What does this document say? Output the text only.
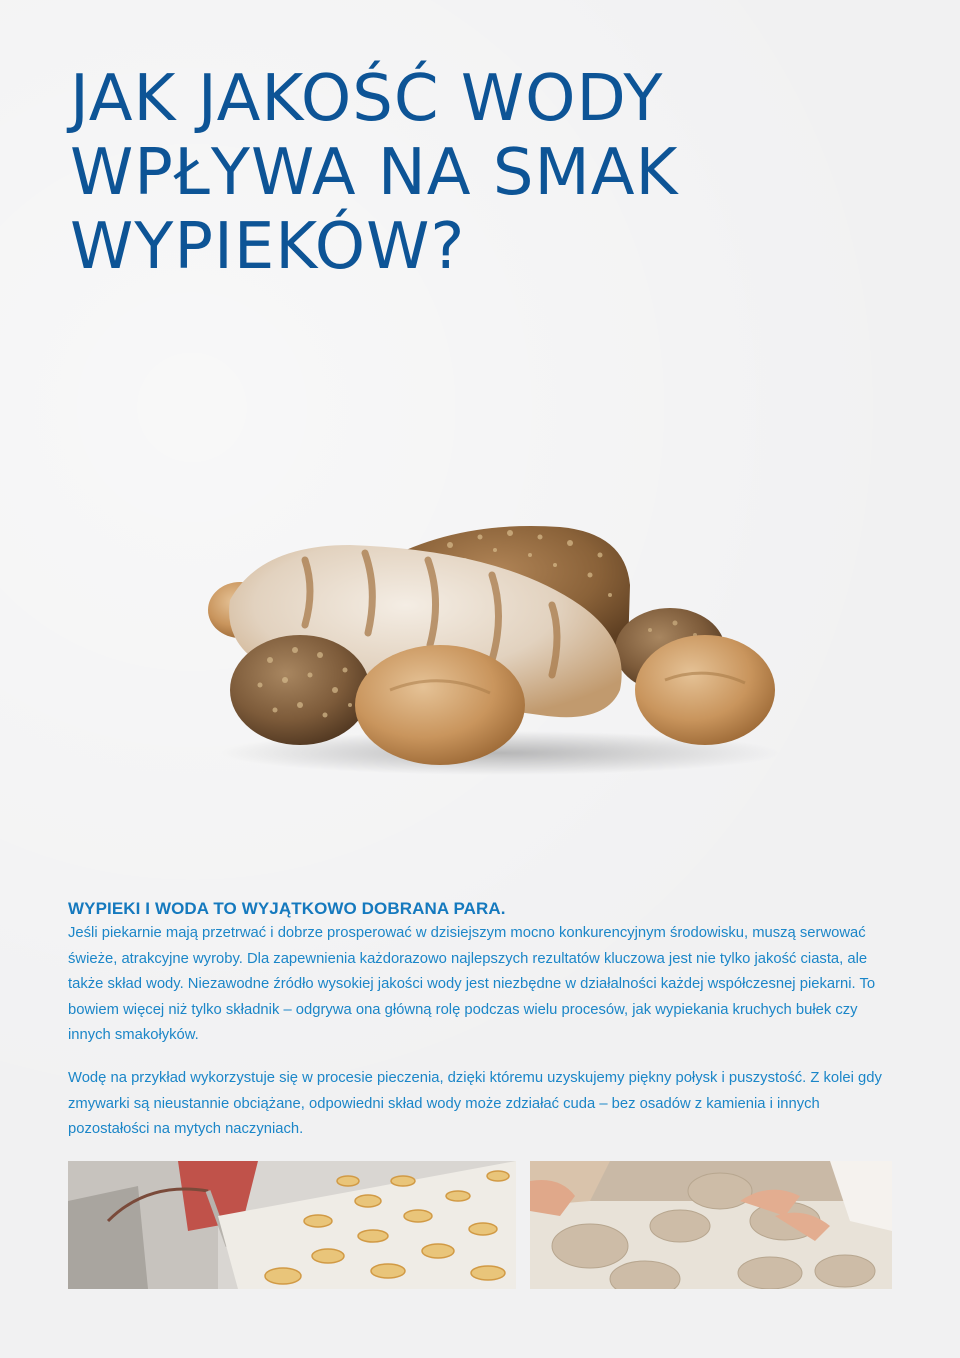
JAK JAKOŚĆ WODY
WPŁYWA NA SMAK
WYPIEKÓW?
WYPIEKI I WODA TO WYJĄTKOWO DOBRANA PARA.

Jeśli piekarnie mają przetrwać i dobrze prosperować w dzisiejszym mocno konkurencyjnym środowisku, muszą serwować świeże, atrakcyjne wyroby. Dla zapewnienia każdorazowo najlepszych rezultatów kluczowa jest nie tylko jakość ciasta, ale także skład wody. Niezawodne źródło wysokiej jakości wody jest niezbędne w działalności każdej współczesnej piekarni. To bowiem więcej niż tylko składnik – odgrywa ona główną rolę podczas wielu procesów, jak wypiekania kruchych bułek czy innych smakołyków.

Wodę na przykład wykorzystuje się w procesie pieczenia, dzięki któremu uzyskujemy piękny połysk i puszystość. Z kolei gdy zmywarki są nieustannie obciążane, odpowiedni skład wody może zdziałać cuda – bez osadów z kamienia i innych pozostałości na mytych naczyniach.
